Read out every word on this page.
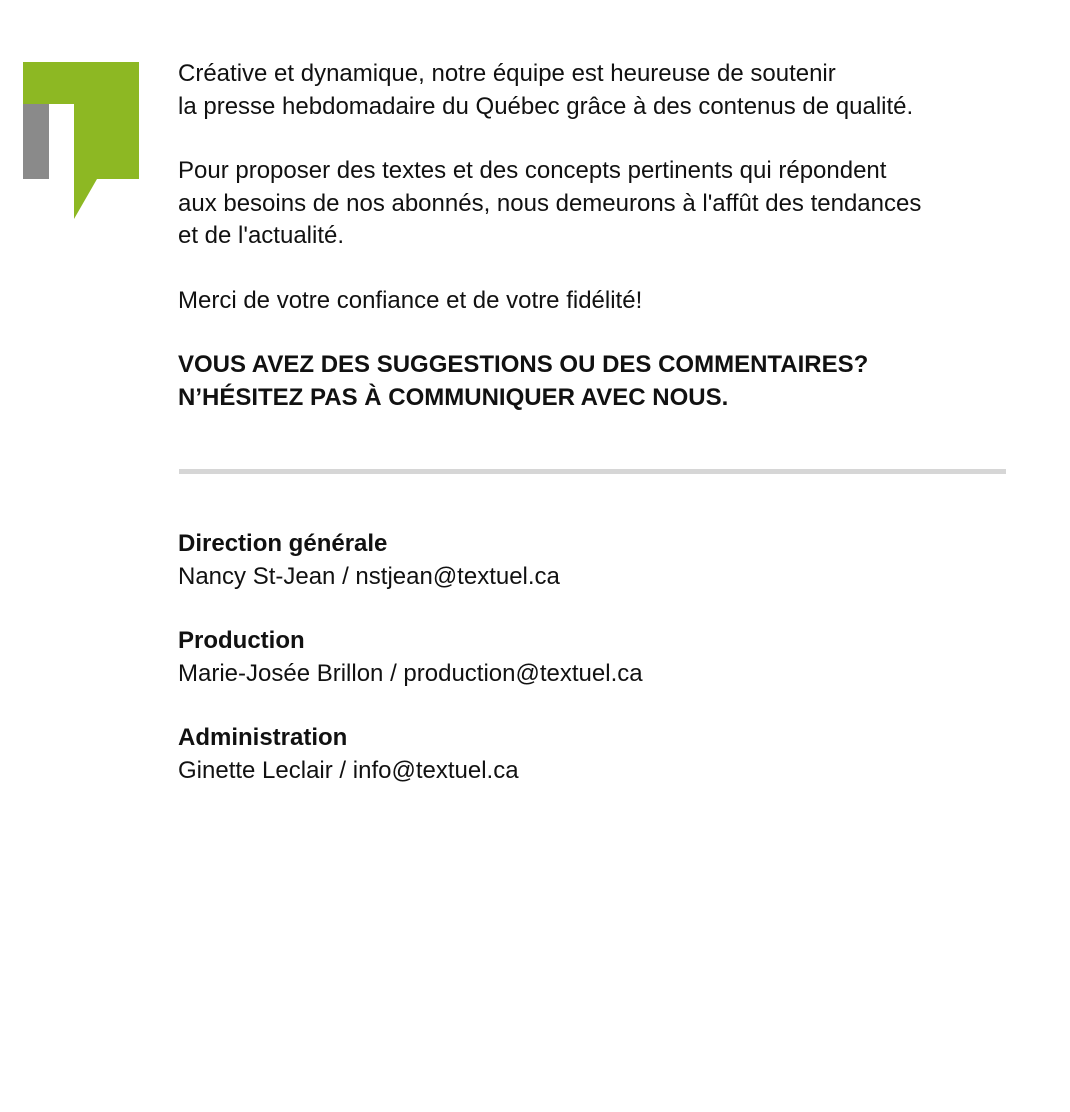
Créative et dynamique, notre équipe est heureuse de soutenir
la presse hebdomadaire du Québec grâce à des contenus de qualité.

Pour proposer des textes et des concepts pertinents qui répondent
aux besoins de nos abonnés, nous demeurons à l'affût des tendances
et de l'actualité.

Merci de votre confiance et de votre fidélité!

VOUS AVEZ DES SUGGESTIONS OU DES COMMENTAIRES?
N’HÉSITEZ PAS À COMMUNIQUER AVEC NOUS.

Direction générale
Nancy St-Jean / nstjean@textuel.ca
Production
Marie-Josée Brillon / production@textuel.ca
Administration
Ginette Leclair / info@textuel.ca
